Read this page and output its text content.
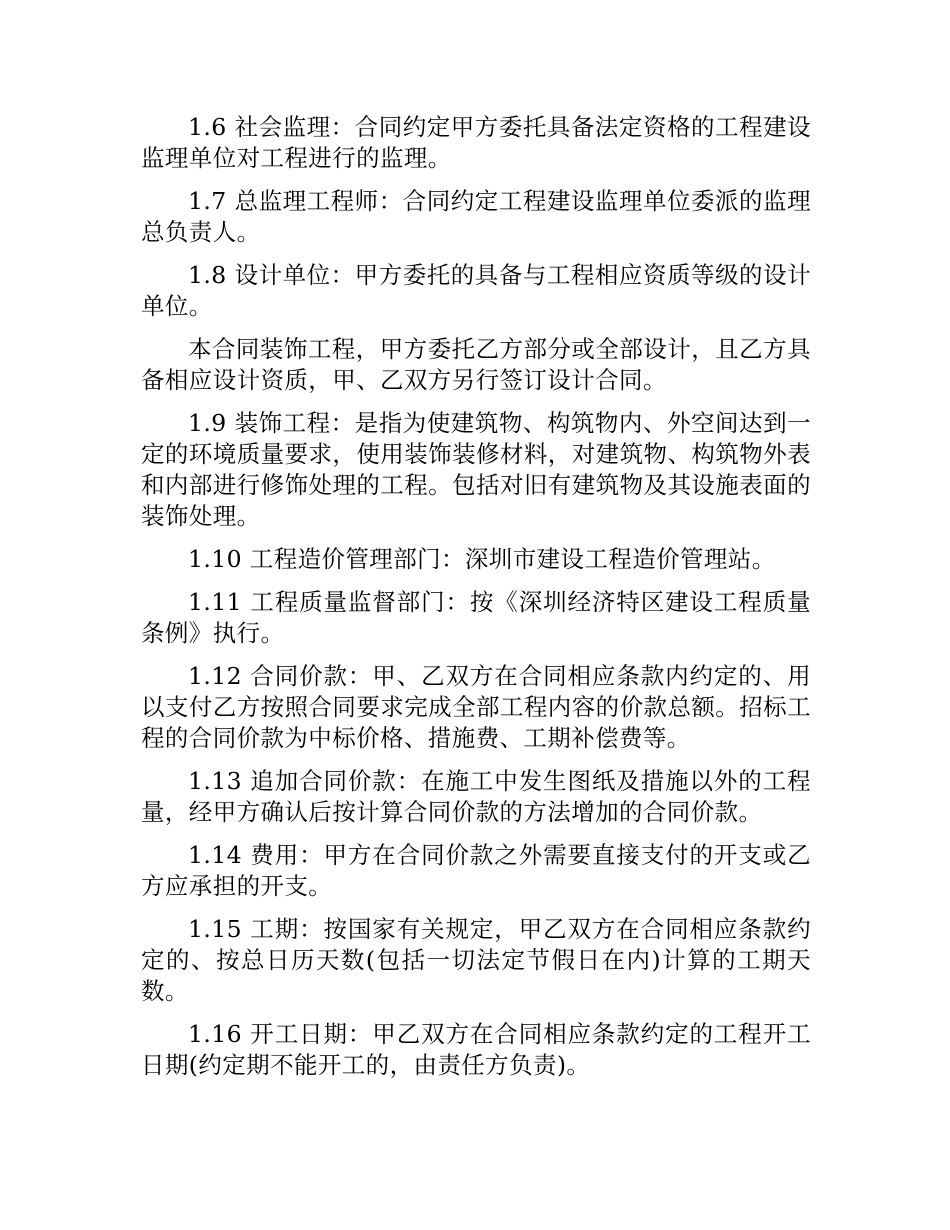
1.6 社会监理：合同约定甲方委托具备法定资格的工程建设监理单位对工程进行的监理。

1.7 总监理工程师：合同约定工程建设监理单位委派的监理总负责人。

1.8 设计单位：甲方委托的具备与工程相应资质等级的设计单位。

本合同装饰工程，甲方委托乙方部分或全部设计，且乙方具备相应设计资质，甲、乙双方另行签订设计合同。

1.9 装饰工程：是指为使建筑物、构筑物内、外空间达到一定的环境质量要求，使用装饰装修材料，对建筑物、构筑物外表和内部进行修饰处理的工程。包括对旧有建筑物及其设施表面的装饰处理。

1.10 工程造价管理部门：深圳市建设工程造价管理站。

1.11 工程质量监督部门：按《深圳经济特区建设工程质量条例》执行。

1.12 合同价款：甲、乙双方在合同相应条款内约定的、用以支付乙方按照合同要求完成全部工程内容的价款总额。招标工程的合同价款为中标价格、措施费、工期补偿费等。

1.13 追加合同价款：在施工中发生图纸及措施以外的工程量，经甲方确认后按计算合同价款的方法增加的合同价款。

1.14 费用：甲方在合同价款之外需要直接支付的开支或乙方应承担的开支。

1.15 工期：按国家有关规定，甲乙双方在合同相应条款约定的、按总日历天数(包括一切法定节假日在内)计算的工期天数。

1.16 开工日期：甲乙双方在合同相应条款约定的工程开工日期(约定期不能开工的，由责任方负责)。
